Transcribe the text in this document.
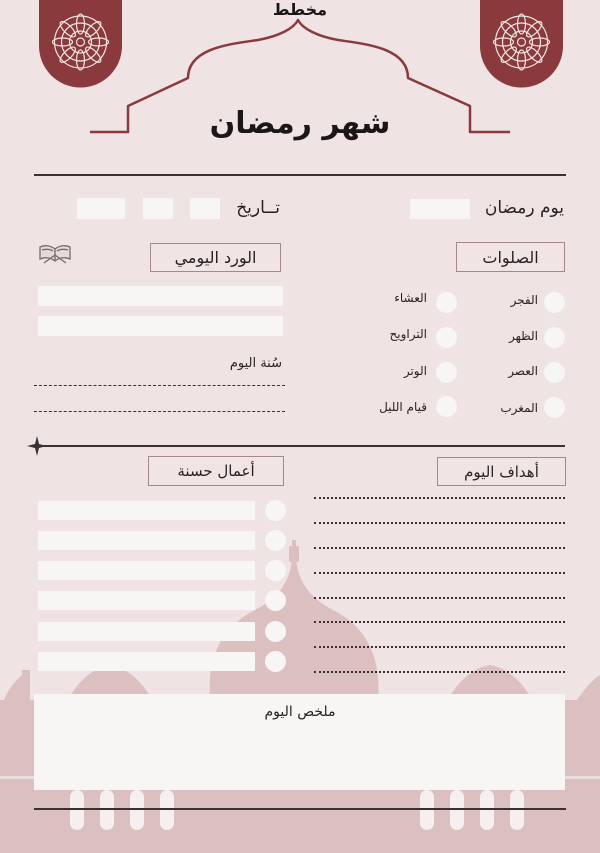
مخطط
شهر رمضان
يوم رمضان
تــاريخ
الصلوات
الفجر
الظهر
العصر
المغرب
العشاء
التراويح
الوتر
قيام الليل
الورد اليومي
سُنة اليوم
أهداف اليوم
أعمال حسنة
ملخص اليوم
